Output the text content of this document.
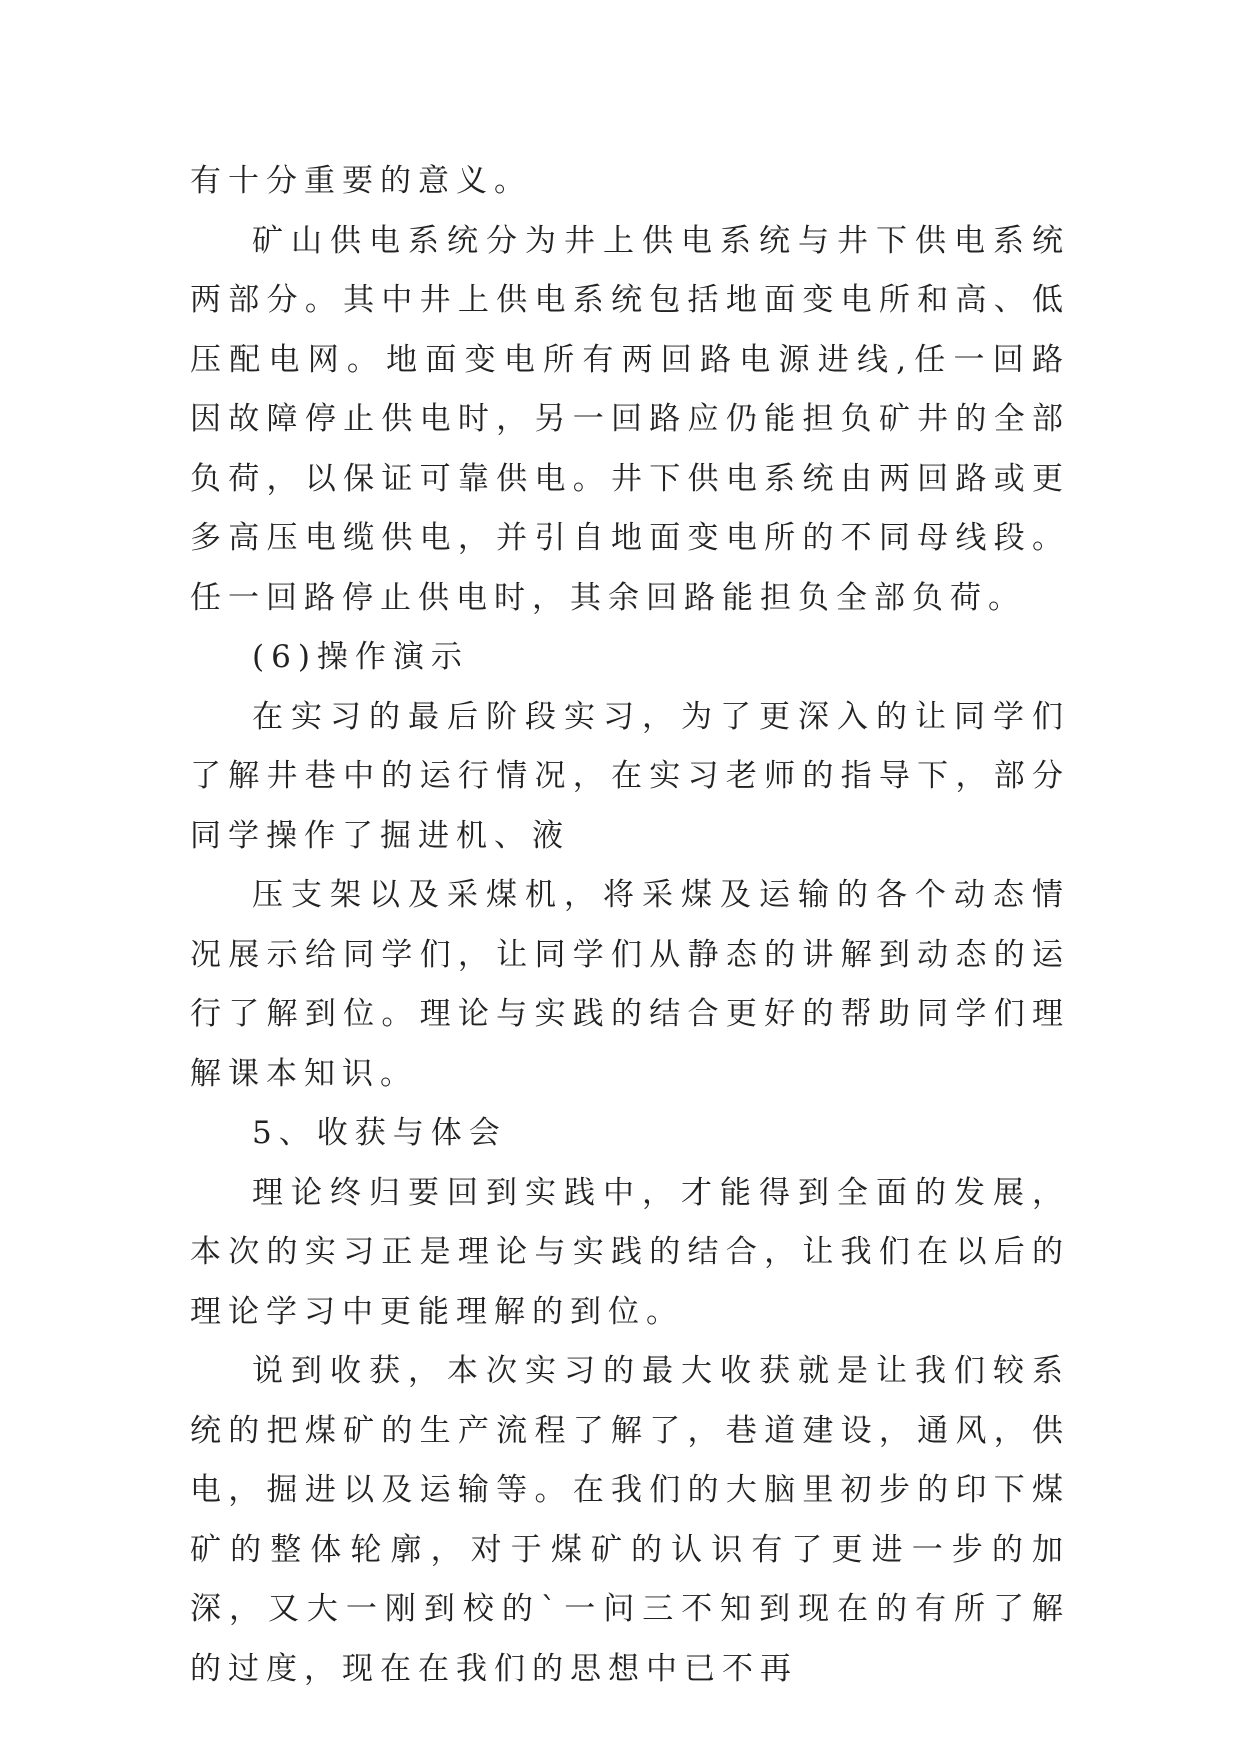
有十分重要的意义。

矿山供电系统分为井上供电系统与井下供电系统两部分。其中井上供电系统包括地面变电所和高、低压配电网。地面变电所有两回路电源进线,任一回路因故障停止供电时，另一回路应仍能担负矿井的全部负荷，以保证可靠供电。井下供电系统由两回路或更多高压电缆供电，并引自地面变电所的不同母线段。任一回路停止供电时，其余回路能担负全部负荷。

(6)操作演示

在实习的最后阶段实习，为了更深入的让同学们了解井巷中的运行情况，在实习老师的指导下，部分同学操作了掘进机、液

压支架以及采煤机，将采煤及运输的各个动态情况展示给同学们，让同学们从静态的讲解到动态的运行了解到位。理论与实践的结合更好的帮助同学们理解课本知识。

5、收获与体会

理论终归要回到实践中，才能得到全面的发展，本次的实习正是理论与实践的结合，让我们在以后的理论学习中更能理解的到位。

说到收获，本次实习的最大收获就是让我们较系统的把煤矿的生产流程了解了，巷道建设，通风，供电，掘进以及运输等。在我们的大脑里初步的印下煤矿的整体轮廓，对于煤矿的认识有了更进一步的加深，又大一刚到校的`一问三不知到现在的有所了解的过度，现在在我们的思想中已不再
